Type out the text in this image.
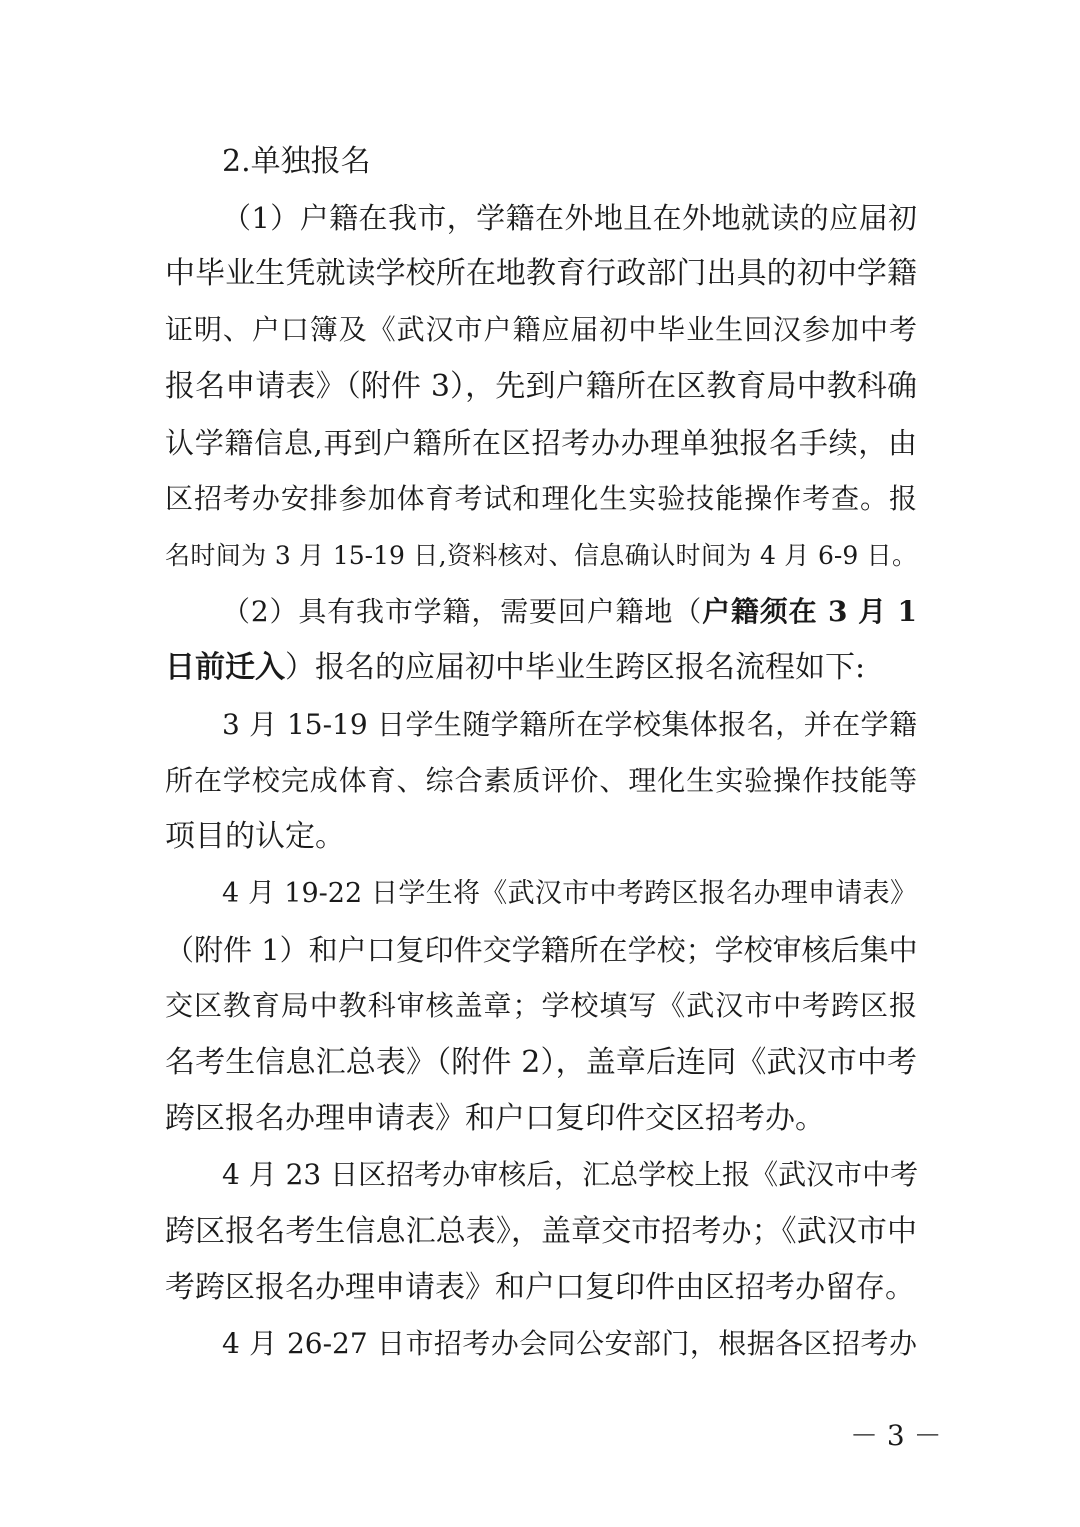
2.单独报名
（1）户籍在我市，学籍在外地且在外地就读的应届初
中毕业生凭就读学校所在地教育行政部门出具的初中学籍
证明、户口簿及《武汉市户籍应届初中毕业生回汉参加中考
报名申请表》（附件 3），先到户籍所在区教育局中教科确
认学籍信息,再到户籍所在区招考办办理单独报名手续，由
区招考办安排参加体育考试和理化生实验技能操作考查。报
名时间为 3 月 15-19 日,资料核对、信息确认时间为 4 月 6-9 日。
（2）具有我市学籍，需要回户籍地（户籍须在 3 月 1
日前迁入）报名的应届初中毕业生跨区报名流程如下:
3 月 15-19 日学生随学籍所在学校集体报名，并在学籍
所在学校完成体育、综合素质评价、理化生实验操作技能等
项目的认定。
4 月 19-22 日学生将《武汉市中考跨区报名办理申请表》
（附件 1）和户口复印件交学籍所在学校；学校审核后集中
交区教育局中教科审核盖章；学校填写《武汉市中考跨区报
名考生信息汇总表》（附件 2），盖章后连同《武汉市中考
跨区报名办理申请表》和户口复印件交区招考办。
4 月 23 日区招考办审核后，汇总学校上报《武汉市中考
跨区报名考生信息汇总表》，盖章交市招考办；《武汉市中
考跨区报名办理申请表》和户口复印件由区招考办留存。
4 月 26-27 日市招考办会同公安部门，根据各区招考办
－ 3 －
